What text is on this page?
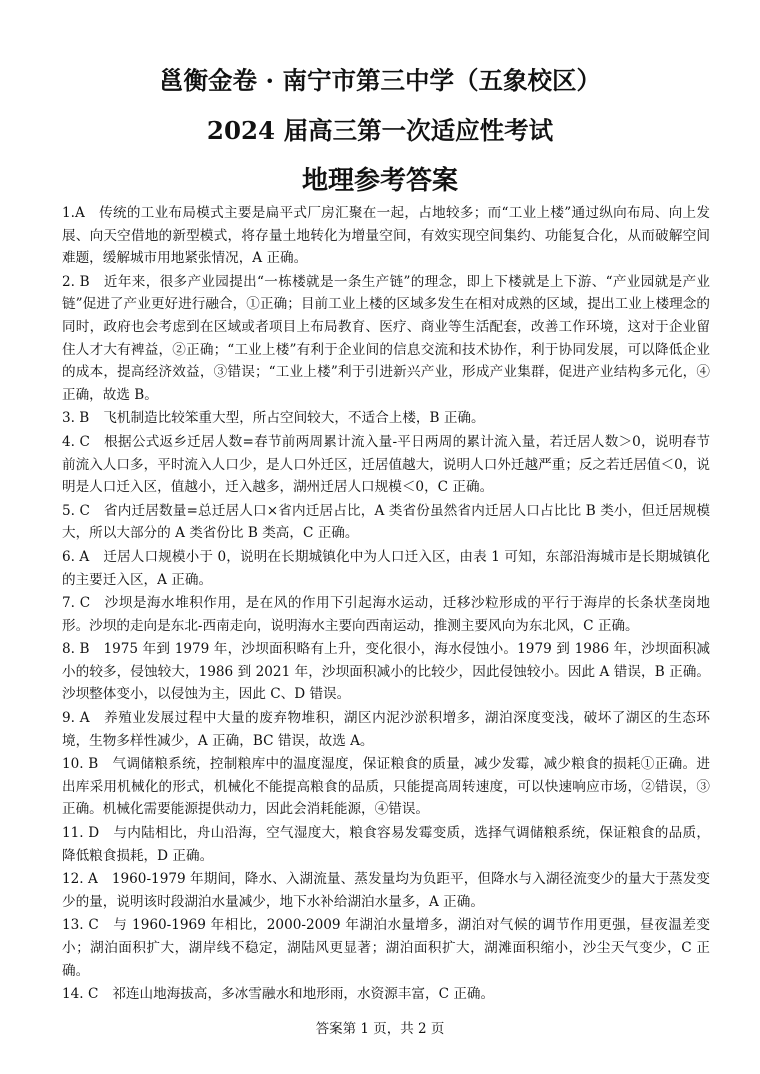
邕衡金卷 · 南宁市第三中学（五象校区）
2024 届高三第一次适应性考试
地理参考答案

1.A 传统的工业布局模式主要是扁平式厂房汇聚在一起，占地较多；而“工业上楼”通过纵向布局、向上发展、向天空借地的新型模式，将存量土地转化为增量空间，有效实现空间集约、功能复合化，从而破解空间难题，缓解城市用地紧张情况，A 正确。

2. B 近年来，很多产业园提出“一栋楼就是一条生产链”的理念，即上下楼就是上下游、“产业园就是产业链”促进了产业更好进行融合，①正确；目前工业上楼的区域多发生在相对成熟的区域，提出工业上楼理念的同时，政府也会考虑到在区域或者项目上布局教育、医疗、商业等生活配套，改善工作环境，这对于企业留住人才大有裨益，②正确；“工业上楼”有利于企业间的信息交流和技术协作，利于协同发展，可以降低企业的成本，提高经济效益，③错误；“工业上楼”利于引进新兴产业，形成产业集群，促进产业结构多元化，④正确，故选 B。

3. B 飞机制造比较笨重大型，所占空间较大，不适合上楼，B 正确。

4. C 根据公式返乡迁居人数=春节前两周累计流入量-平日两周的累计流入量，若迁居人数＞0，说明春节前流入人口多，平时流入人口少，是人口外迁区，迁居值越大，说明人口外迁越严重；反之若迁居值＜0，说明是人口迁入区，值越小，迁入越多，湖州迁居人口规模＜0，C 正确。

5. C 省内迁居数量=总迁居人口×省内迁居占比，A 类省份虽然省内迁居人口占比比 B 类小，但迁居规模大，所以大部分的 A 类省份比 B 类高，C 正确。

6. A 迁居人口规模小于 0，说明在长期城镇化中为人口迁入区，由表 1 可知，东部沿海城市是长期城镇化的主要迁入区，A 正确。

7. C 沙坝是海水堆积作用，是在风的作用下引起海水运动，迁移沙粒形成的平行于海岸的长条状垄岗地形。沙坝的走向是东北-西南走向，说明海水主要向西南运动，推测主要风向为东北风，C 正确。

8. B 1975 年到 1979 年，沙坝面积略有上升，变化很小，海水侵蚀小。1979 到 1986 年，沙坝面积减小的较多，侵蚀较大，1986 到 2021 年，沙坝面积减小的比较少，因此侵蚀较小。因此 A 错误，B 正确。沙坝整体变小，以侵蚀为主，因此 C、D 错误。

9. A 养殖业发展过程中大量的废弃物堆积，湖区内泥沙淤积增多，湖泊深度变浅，破坏了湖区的生态环境，生物多样性减少，A 正确，BC 错误，故选 A。

10. B 气调储粮系统，控制粮库中的温度湿度，保证粮食的质量，减少发霉，减少粮食的损耗①正确。进出库采用机械化的形式，机械化不能提高粮食的品质，只能提高周转速度，可以快速响应市场，②错误，③正确。机械化需要能源提供动力，因此会消耗能源，④错误。

11. D 与内陆相比，舟山沿海，空气湿度大，粮食容易发霉变质，选择气调储粮系统，保证粮食的品质，降低粮食损耗，D 正确。

12. A 1960-1979 年期间，降水、入湖流量、蒸发量均为负距平，但降水与入湖径流变少的量大于蒸发变少的量，说明该时段湖泊水量减少，地下水补给湖泊水量多，A 正确。

13. C 与 1960-1969 年相比，2000-2009 年湖泊水量增多，湖泊对气候的调节作用更强，昼夜温差变小；湖泊面积扩大，湖岸线不稳定，湖陆风更显著；湖泊面积扩大，湖滩面积缩小，沙尘天气变少，C 正确。

14. C 祁连山地海拔高，多冰雪融水和地形雨，水资源丰富，C 正确。

答案第 1 页，共 2 页
